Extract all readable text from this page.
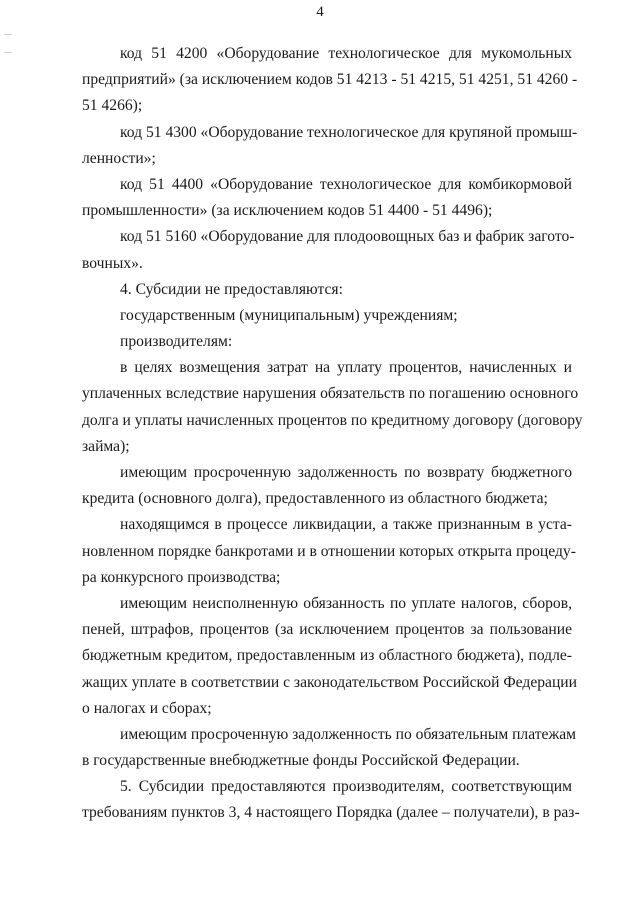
4
код 51 4200 «Оборудование технологическое для мукомольных
предприятий» (за исключением кодов 51 4213 - 51 4215, 51 4251, 51 4260 -
51 4266);
код 51 4300 «Оборудование технологическое для крупяной промыш-
ленности»;
код 51 4400 «Оборудование технологическое для комбикормовой
промышленности» (за исключением кодов 51 4400 - 51 4496);
код 51 5160 «Оборудование для плодоовощных баз и фабрик загото-
вочных».
4. Субсидии не предоставляются:
государственным (муниципальным) учреждениям;
производителям:
в целях возмещения затрат на уплату процентов, начисленных и
уплаченных вследствие нарушения обязательств по погашению основного
долга и уплаты начисленных процентов по кредитному договору (договору
займа);
имеющим просроченную задолженность по возврату бюджетного
кредита (основного долга), предоставленного из областного бюджета;
находящимся в процессе ликвидации, а также признанным в уста-
новленном порядке банкротами и в отношении которых открыта процеду-
ра конкурсного производства;
имеющим неисполненную обязанность по уплате налогов, сборов,
пеней, штрафов, процентов (за исключением процентов за пользование
бюджетным кредитом, предоставленным из областного бюджета), подле-
жащих уплате в соответствии с законодательством Российской Федерации
о налогах и сборах;
имеющим просроченную задолженность по обязательным платежам
в государственные внебюджетные фонды Российской Федерации.
5. Субсидии предоставляются производителям, соответствующим
требованиям пунктов 3, 4 настоящего Порядка (далее – получатели), в раз-
